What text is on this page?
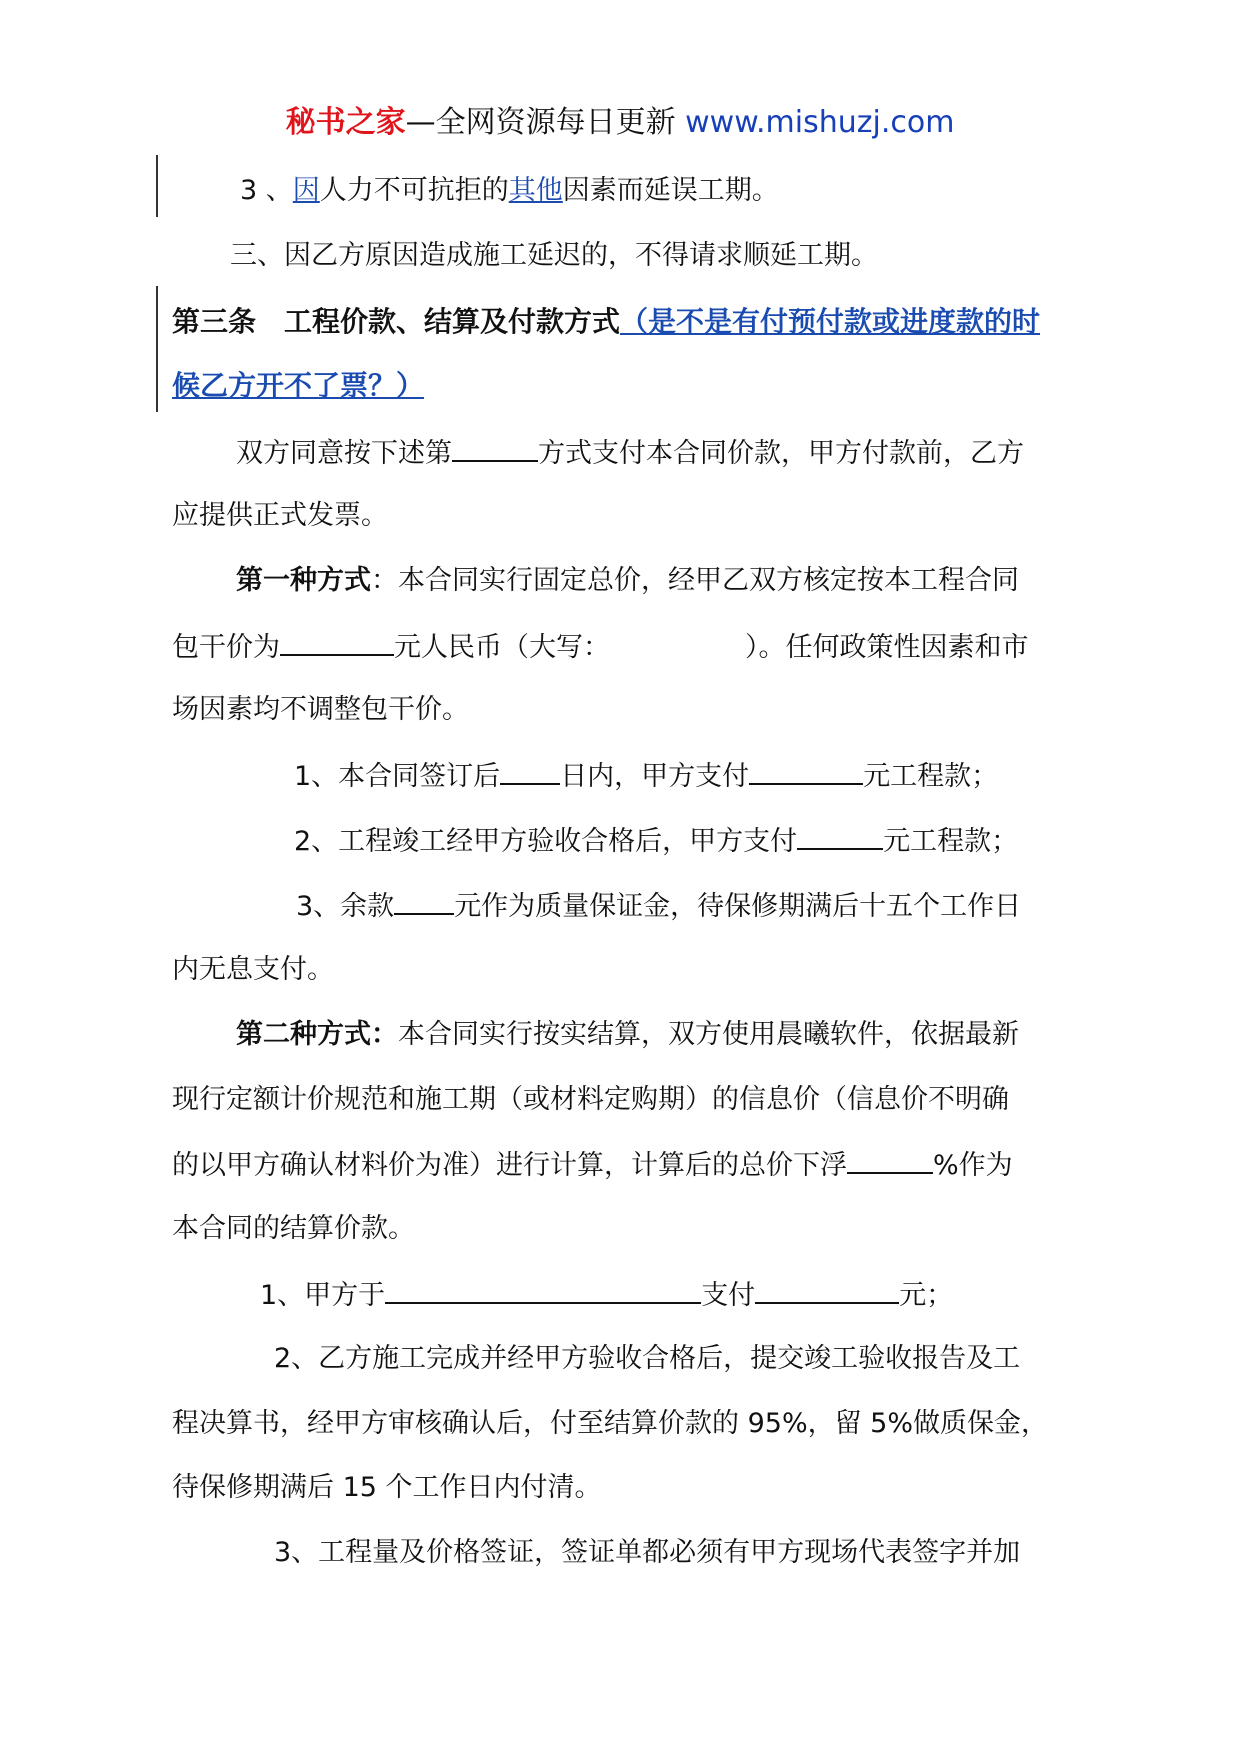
秘书之家—全网资源每日更新 www.mishuzj.com
3 、因人力不可抗拒的其他因素而延误工期。
三、因乙方原因造成施工延迟的，不得请求顺延工期。
第三条　工程价款、结算及付款方式（是不是有付预付款或进度款的时
候乙方开不了票？）
双方同意按下述第	方式支付本合同价款，甲方付款前，乙方
应提供正式发票。
第一种方式：本合同实行固定总价，经甲乙双方核定按本工程合同
包干价为	元人民币（大写：	）。任何政策性因素和市
场因素均不调整包干价。
1、本合同签订后 日内，甲方支付	元工程款；
2、工程竣工经甲方验收合格后，甲方支付	元工程款；
3、余款 元作为质量保证金，待保修期满后十五个工作日
内无息支付。
第二种方式：本合同实行按实结算，双方使用晨曦软件，依据最新
现行定额计价规范和施工期（或材料定购期）的信息价（信息价不明确
的以甲方确认材料价为准）进行计算，计算后的总价下浮	%作为
本合同的结算价款。
1、甲方于	支付	元；
2、乙方施工完成并经甲方验收合格后，提交竣工验收报告及工
程决算书，经甲方审核确认后，付至结算价款的 95%，留 5%做质保金，
待保修期满后 15 个工作日内付清。
3、工程量及价格签证，签证单都必须有甲方现场代表签字并加
